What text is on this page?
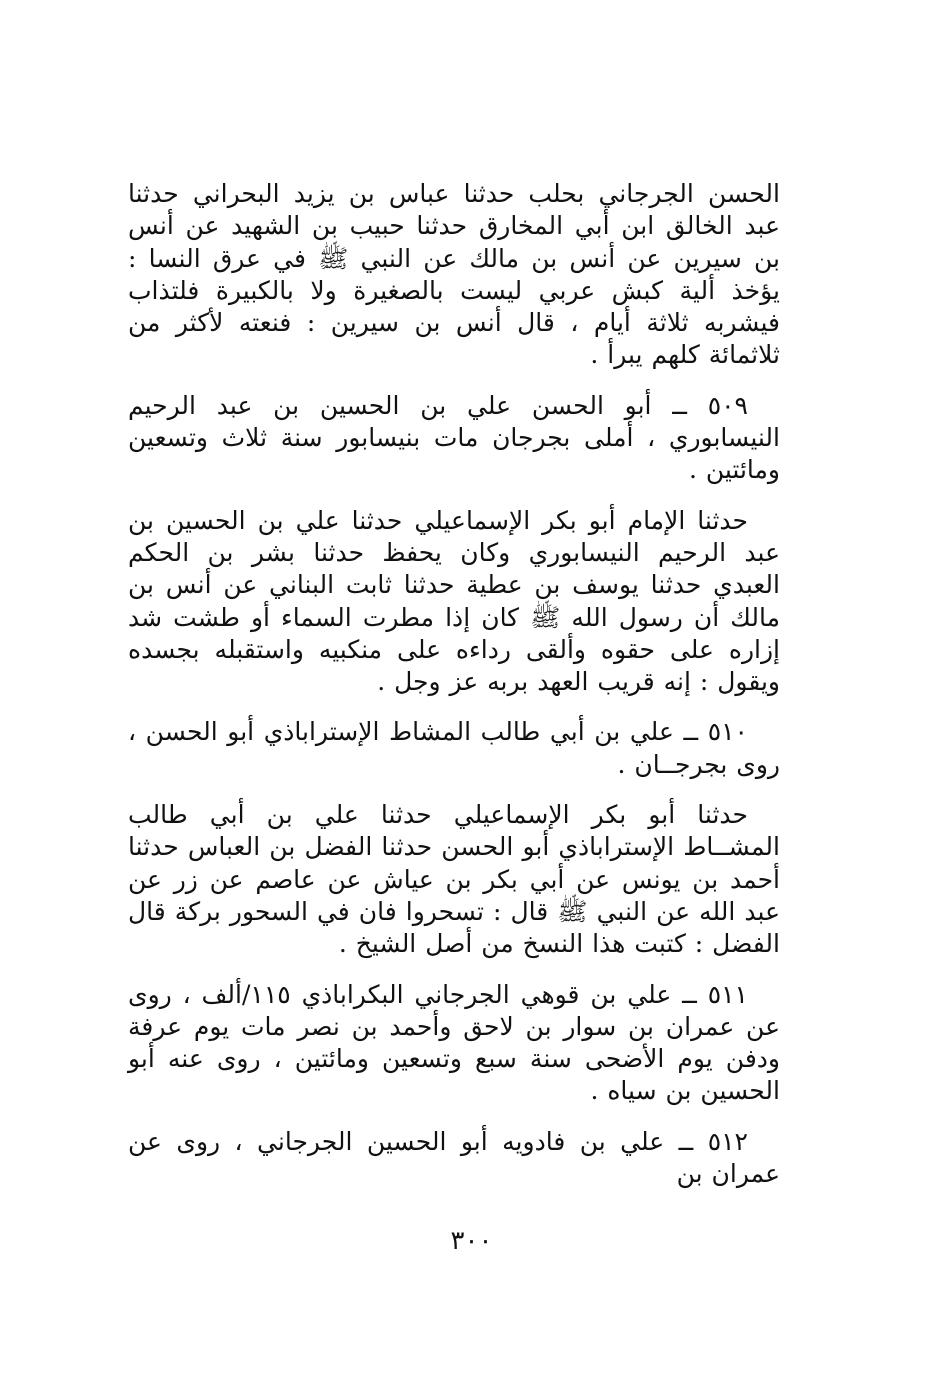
الحسن الجرجاني بحلب حدثنا عباس بن يزيد البحراني حدثنا عبد الخالق ابن أبي المخارق حدثنا حبيب بن الشهيد عن أنس بن سيرين عن أنس بن مالك عن النبي ﷺ في عرق النسا : يؤخذ ألية كبش عربي ليست بالصغيرة ولا بالكبيرة فلتذاب فيشربه ثلاثة أيام ، قال أنس بن سيرين : فنعته لأكثر من ثلاثمائة كلهم يبرأ .

٥٠٩ ــ أبو الحسن علي بن الحسين بن عبد الرحيم النيسابوري ، أملى بجرجان مات بنيسابور سنة ثلاث وتسعين ومائتين .

حدثنا الإمام أبو بكر الإسماعيلي حدثنا علي بن الحسين بن عبد الرحيم النيسابوري وكان يحفظ حدثنا بشر بن الحكم العبدي حدثنا يوسف بن عطية حدثنا ثابت البناني عن أنس بن مالك أن رسول الله ﷺ كان إذا مطرت السماء أو طشت شد إزاره على حقوه وألقى رداءه على منكبيه واستقبله بجسده ويقول : إنه قريب العهد بربه عز وجل .

٥١٠ ــ علي بن أبي طالب المشاط الإستراباذي أبو الحسن ، روى بجرجــان .

حدثنا أبو بكر الإسماعيلي حدثنا علي بن أبي طالب المشــاط الإستراباذي أبو الحسن حدثنا الفضل بن العباس حدثنا أحمد بن يونس عن أبي بكر بن عياش عن عاصم عن زر عن عبد الله عن النبي ﷺ قال : تسحروا فان في السحور بركة قال الفضل : كتبت هذا النسخ من أصل الشيخ .

٥١١ ــ علي بن قوهي الجرجاني البكراباذي ١١٥/ألف ، روى عن عمران بن سوار بن لاحق وأحمد بن نصر مات يوم عرفة ودفن يوم الأضحى سنة سبع وتسعين ومائتين ، روى عنه أبو الحسين بن سياه .

٥١٢ ــ علي بن فادويه أبو الحسين الجرجاني ، روى عن عمران بن

٣٠٠
